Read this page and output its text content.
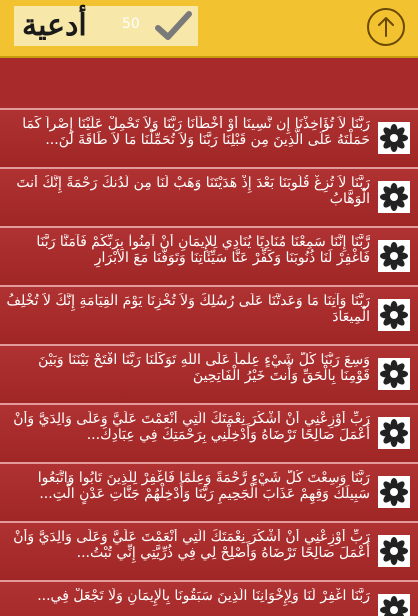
أدعية	50
رَبَّنَا لاَ تُؤَاخِذْنَا إِن نَّسِينَا أَوْ أَخْطَأْنَا رَبَّنَا وَلاَ تَحْمِلْ عَلَيْنَا إِصْراً كَمَا حَمَلْتَهُ عَلَى الَّذِينَ مِن قَبْلِنَا رَبَّنَا وَلاَ تُحَمِّلْنَا مَا لاَ طَاقَةَ لَنَ...
رَبَّنَا لاَ تُزِغْ قُلُوبَنَا بَعْدَ إِذْ هَدَيْتَنَا وَهَبْ لَنَا مِن لَّدُنكَ رَحْمَةً إِنَّكَ أَنتَ الْوَهَّابُ
رَّبَّنَا إِنَّنَا سَمِعْنَا مُنَادِيًا يُنَادِي لِلإِيمَانِ أَنْ آمِنُواْ بِرَبِّكُمْ فَآمَنَّا رَبَّنَا فَاغْفِرْ لَنَا ذُنُوبَنَا وَكَفِّرْ عَنَّا سَيِّئَاتِنَا وَتَوَفَّنَا مَعَ الأبْرَارِ
رَبَّنَا وَآتِنَا مَا وَعَدتَّنَا عَلَى رُسُلِكَ وَلاَ تُخْزِنَا يَوْمَ الْقِيَامَةِ إِنَّكَ لاَ تُخْلِفُ الْمِيعَادَ
وَسِعَ رَبُّنَا كُلَّ شَيْءٍ عِلْماً عَلَى اللّهِ تَوَكَّلْنَا رَبَّنَا افْتَحْ بَيْنَنَا وَبَيْنَ قَوْمِنَا بِالْحَقِّ وَأَنتَ خَيْرُ الْفَاتِحِينَ
رَبِّ أَوْزِعْنِي أَنْ أَشْكُرَ نِعْمَتَكَ الَّتِي أَنْعَمْتَ عَلَيَّ وَعَلَى وَالِدَيَّ وَأَنْ أَعْمَلَ صَالِحًا تَرْضَاهُ وَأَدْخِلْنِي بِرَحْمَتِكَ فِي عِبَادِكَ...
رَبَّنَا وَسِعْتَ كُلَّ شَيْءٍ رَّحْمَةً وَعِلْمًا فَاغْفِرْ لِلَّذِينَ تَابُوا وَاتَّبَعُوا سَبِيلَكَ وَقِهِمْ عَذَابَ الْجَحِيمِ رَبَّنَا وَأَدْخِلْهُمْ جَنَّاتِ عَدْنٍ الَّتِ...
رَبِّ أَوْزِعْنِي أَنْ أَشْكُرَ نِعْمَتَكَ الَّتِي أَنْعَمْتَ عَلَيَّ وَعَلَى وَالِدَيَّ وَأَنْ أَعْمَلَ صَالِحًا تَرْضَاهُ وَأَصْلِحْ لِي فِي ذُرِّيَّتِي إِنِّي تُبْتُ...
رَبَّنَا اغْفِرْ لَنَا وَلِإِخْوَانِنَا الَّذِينَ سَبَقُونَا بِالْإِيمَانِ وَلَا تَجْعَلْ فِي...
